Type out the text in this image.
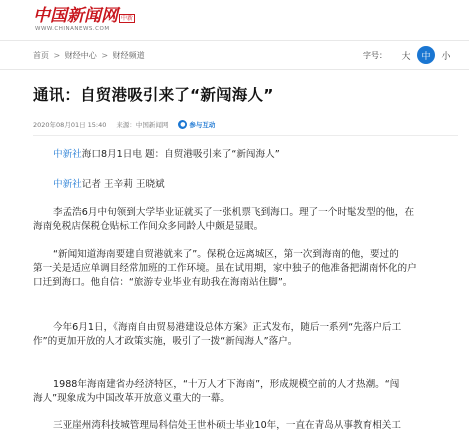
中国新闻网 中新
WWW.CHINANEWS.COM
首页 > 财经中心 > 财经频道	字号：	大	中	小
通讯：自贸港吸引来了“新闯海人”
2020年08月01日 15:40 来源：中国新闻网	● 参与互动

中新社海口8月1日电 题：自贸港吸引来了“新闯海人”

中新社记者 王辛莉 王晓斌

李孟浩6月中旬领到大学毕业证就买了一张机票飞到海口。理了一个时髦发型的他，在
海南免税店保税仓贴标工作间众多同龄人中颇是显眼。

“新闻知道海南要建自贸港就来了”。保税仓远离城区，第一次到海南的他，要过的
第一关是适应单调目经常加班的工作环境。虽在试用期，家中独子的他准备把湖南怀化的户
口迁到海口。他自信：“旅游专业毕业有助我在海南站住脚”。

今年6月1日，《海南自由贸易港建设总体方案》正式发布，随后一系列“先落户后工
作”的更加开放的人才政策实施，吸引了一拨“新闯海人”落户。

1988年海南建省办经济特区，“十万人才下海南”，形成规模空前的人才热潮。“闯
海人”现象成为中国改革开放意义重大的一幕。

三亚崖州湾科技城管理局科信处王世朴硕士毕业10年，一直在青岛从事教育相关工
